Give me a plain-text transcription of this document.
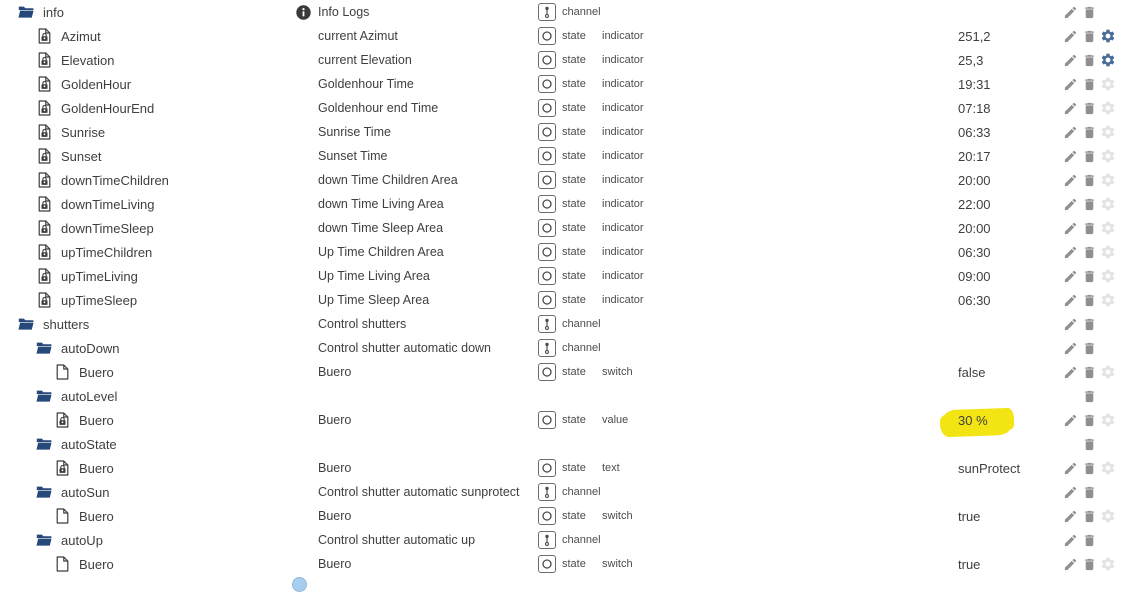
info	Info Logs	channel
Azimut	current Azimut	state indicator	251,2
Elevation	current Elevation	state indicator	25,3
GoldenHour	Goldenhour Time	state indicator	19:31
GoldenHourEnd	Goldenhour end Time	state indicator	07:18
Sunrise	Sunrise Time	state indicator	06:33
Sunset	Sunset Time	state indicator	20:17
downTimeChildren	down Time Children Area	state indicator	20:00
downTimeLiving	down Time Living Area	state indicator	22:00
downTimeSleep	down Time Sleep Area	state indicator	20:00
upTimeChildren	Up Time Children Area	state indicator	06:30
upTimeLiving	Up Time Living Area	state indicator	09:00
upTimeSleep	Up Time Sleep Area	state indicator	06:30
shutters	Control shutters	channel
autoDown	Control shutter automatic down	channel
Buero	Buero	state switch	false
autoLevel
Buero	Buero	state value	30 %
autoState
Buero	Buero	state text	sunProtect
autoSun	Control shutter automatic sunprotect	channel
Buero	Buero	state switch	true
autoUp	Control shutter automatic up	channel
Buero	Buero	state switch	true
